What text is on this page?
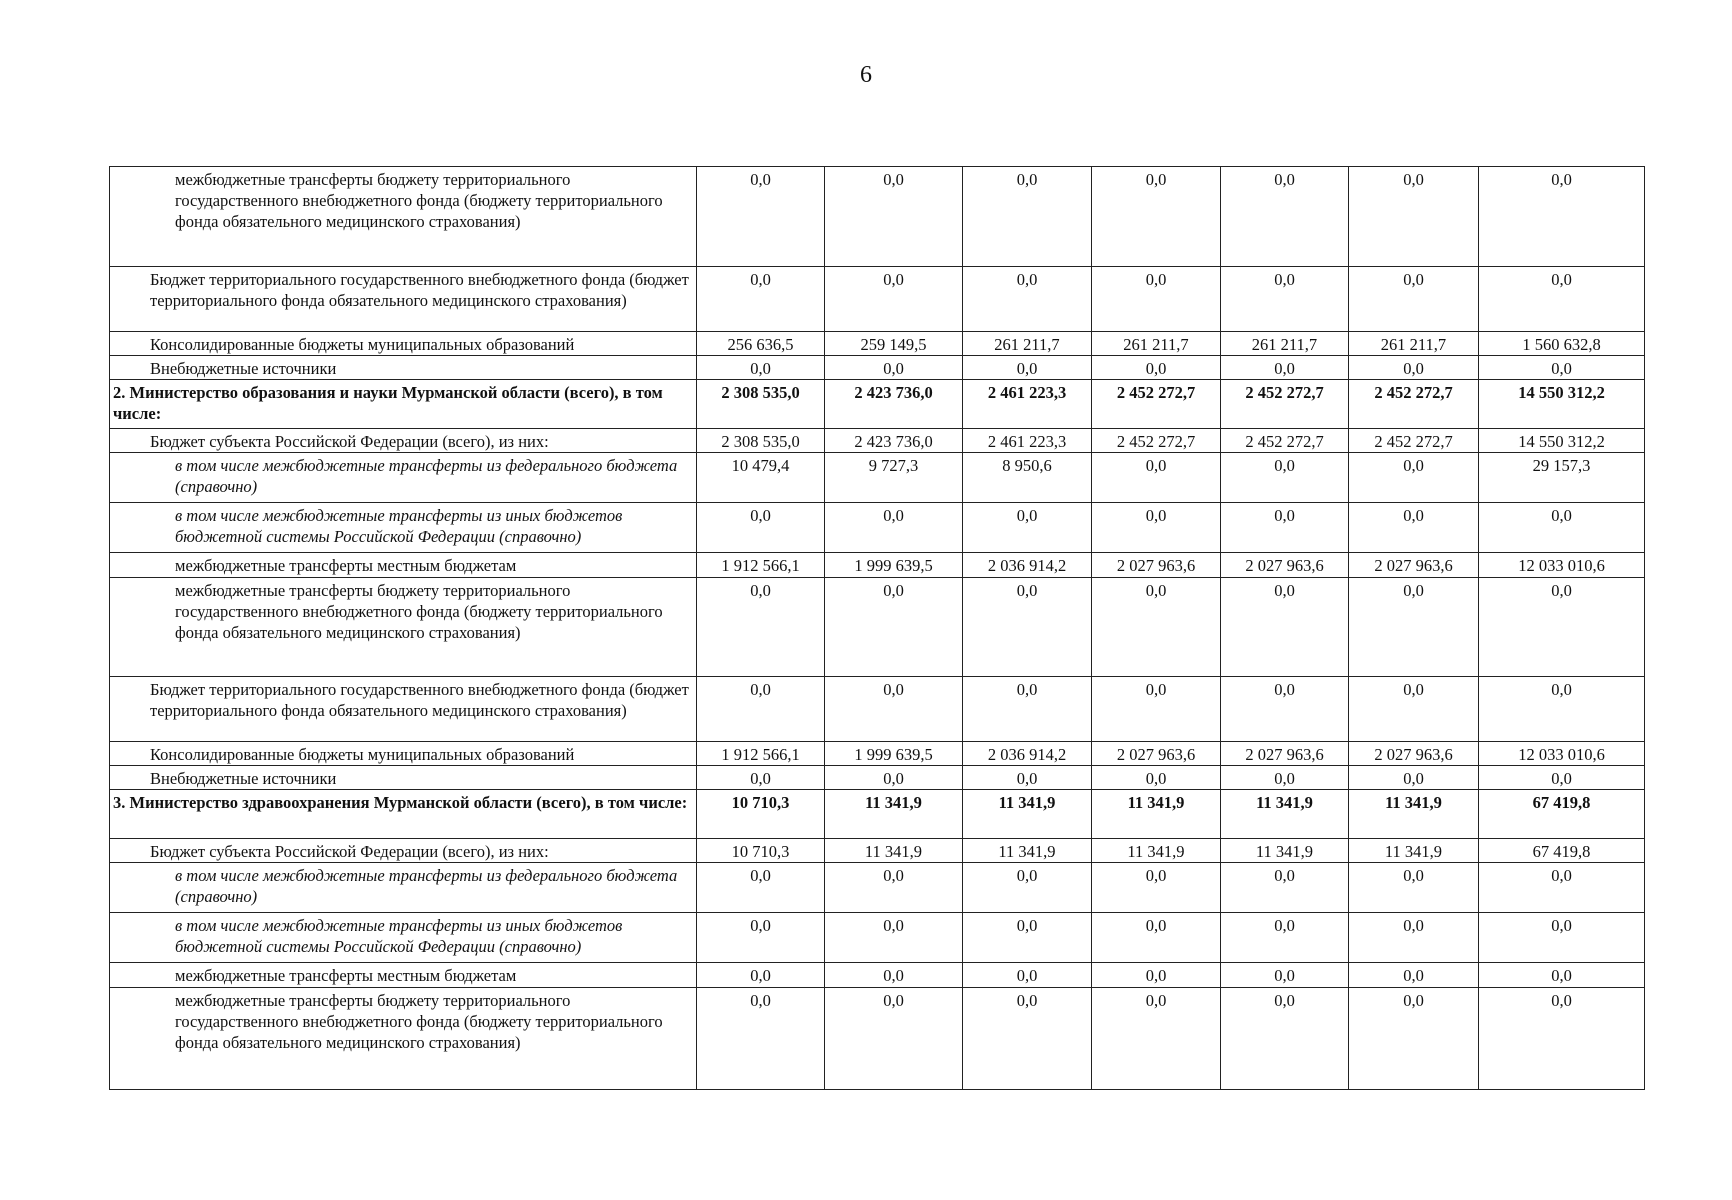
6
межбюджетные трансферты бюджету территориального государственного внебюджетного фонда (бюджету территориального фонда обязательного медицинского страхования)	0,0	0,0	0,0	0,0	0,0	0,0	0,0
Бюджет территориального государственного внебюджетного фонда (бюджет территориального фонда обязательного медицинского страхования)	0,0	0,0	0,0	0,0	0,0	0,0	0,0
Консолидированные бюджеты муниципальных образований	256 636,5	259 149,5	261 211,7	261 211,7	261 211,7	261 211,7	1 560 632,8
Внебюджетные источники	0,0	0,0	0,0	0,0	0,0	0,0	0,0
2. Министерство образования и науки Мурманской области (всего), в том числе:	2 308 535,0	2 423 736,0	2 461 223,3	2 452 272,7	2 452 272,7	2 452 272,7	14 550 312,2
Бюджет субъекта Российской Федерации (всего), из них:	2 308 535,0	2 423 736,0	2 461 223,3	2 452 272,7	2 452 272,7	2 452 272,7	14 550 312,2
в том числе межбюджетные трансферты из федерального бюджета (справочно)	10 479,4	9 727,3	8 950,6	0,0	0,0	0,0	29 157,3
в том числе межбюджетные трансферты из иных бюджетов бюджетной системы Российской Федерации (справочно)	0,0	0,0	0,0	0,0	0,0	0,0	0,0
межбюджетные трансферты местным бюджетам	1 912 566,1	1 999 639,5	2 036 914,2	2 027 963,6	2 027 963,6	2 027 963,6	12 033 010,6
межбюджетные трансферты бюджету территориального государственного внебюджетного фонда (бюджету территориального фонда обязательного медицинского страхования)	0,0	0,0	0,0	0,0	0,0	0,0	0,0
Бюджет территориального государственного внебюджетного фонда (бюджет территориального фонда обязательного медицинского страхования)	0,0	0,0	0,0	0,0	0,0	0,0	0,0
Консолидированные бюджеты муниципальных образований	1 912 566,1	1 999 639,5	2 036 914,2	2 027 963,6	2 027 963,6	2 027 963,6	12 033 010,6
Внебюджетные источники	0,0	0,0	0,0	0,0	0,0	0,0	0,0
3. Министерство здравоохранения Мурманской области (всего), в том числе:	10 710,3	11 341,9	11 341,9	11 341,9	11 341,9	11 341,9	67 419,8
Бюджет субъекта Российской Федерации (всего), из них:	10 710,3	11 341,9	11 341,9	11 341,9	11 341,9	11 341,9	67 419,8
в том числе межбюджетные трансферты из федерального бюджета (справочно)	0,0	0,0	0,0	0,0	0,0	0,0	0,0
в том числе межбюджетные трансферты из иных бюджетов бюджетной системы Российской Федерации (справочно)	0,0	0,0	0,0	0,0	0,0	0,0	0,0
межбюджетные трансферты местным бюджетам	0,0	0,0	0,0	0,0	0,0	0,0	0,0
межбюджетные трансферты бюджету территориального государственного внебюджетного фонда (бюджету территориального фонда обязательного медицинского страхования)	0,0	0,0	0,0	0,0	0,0	0,0	0,0
